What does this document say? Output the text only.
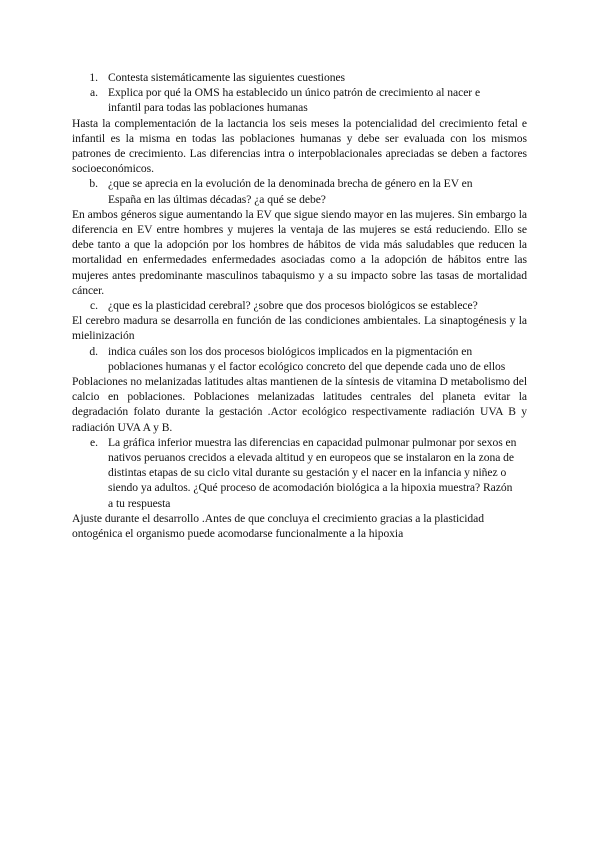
1. Contesta sistemáticamente las siguientes cuestiones
a. Explica por qué la OMS ha establecido un único patrón de crecimiento al nacer e infantil para todas las poblaciones humanas

Hasta la complementación de la lactancia los seis meses la potencialidad del crecimiento fetal e infantil es la misma en todas las poblaciones humanas y debe ser evaluada con los mismos patrones de crecimiento. Las diferencias intra o interpoblacionales apreciadas se deben a factores socioeconómicos.

b. ¿que se aprecia en la evolución de la denominada brecha de género en la EV en España en las últimas décadas? ¿a qué se debe?

En ambos géneros sigue aumentando la EV que sigue siendo mayor en las mujeres. Sin embargo la diferencia en EV entre hombres y mujeres la ventaja de las mujeres se está reduciendo. Ello se debe tanto a que la adopción por los hombres de hábitos de vida más saludables que reducen la mortalidad en enfermedades enfermedades asociadas como a la adopción de hábitos entre las mujeres antes predominante masculinos tabaquismo y a su impacto sobre las tasas de mortalidad cáncer.

c. ¿que es la plasticidad cerebral? ¿sobre que dos procesos biológicos se establece?

El cerebro madura se desarrolla en función de las condiciones ambientales. La sinaptogénesis y la mielinización

d. indica cuáles son los dos procesos biológicos implicados en la pigmentación en poblaciones humanas y el factor ecológico concreto del que depende cada uno de ellos

Poblaciones no melanizadas latitudes altas mantienen de la síntesis de vitamina D metabolismo del calcio en poblaciones. Poblaciones melanizadas latitudes centrales del planeta evitar la degradación folato durante la gestación .Actor ecológico respectivamente radiación UVA B y radiación UVA A y B.

e. La gráfica inferior muestra las diferencias en capacidad pulmonar pulmonar por sexos en nativos peruanos crecidos a elevada altitud y en europeos que se instalaron en la zona de distintas etapas de su ciclo vital durante su gestación y el nacer en la infancia y niñez o siendo ya adultos. ¿Qué proceso de acomodación biológica a la hipoxia muestra? Razón a tu respuesta

Ajuste durante el desarrollo .Antes de que concluya el crecimiento gracias a la plasticidad ontogénica el organismo puede acomodarse funcionalmente a la hipoxia
